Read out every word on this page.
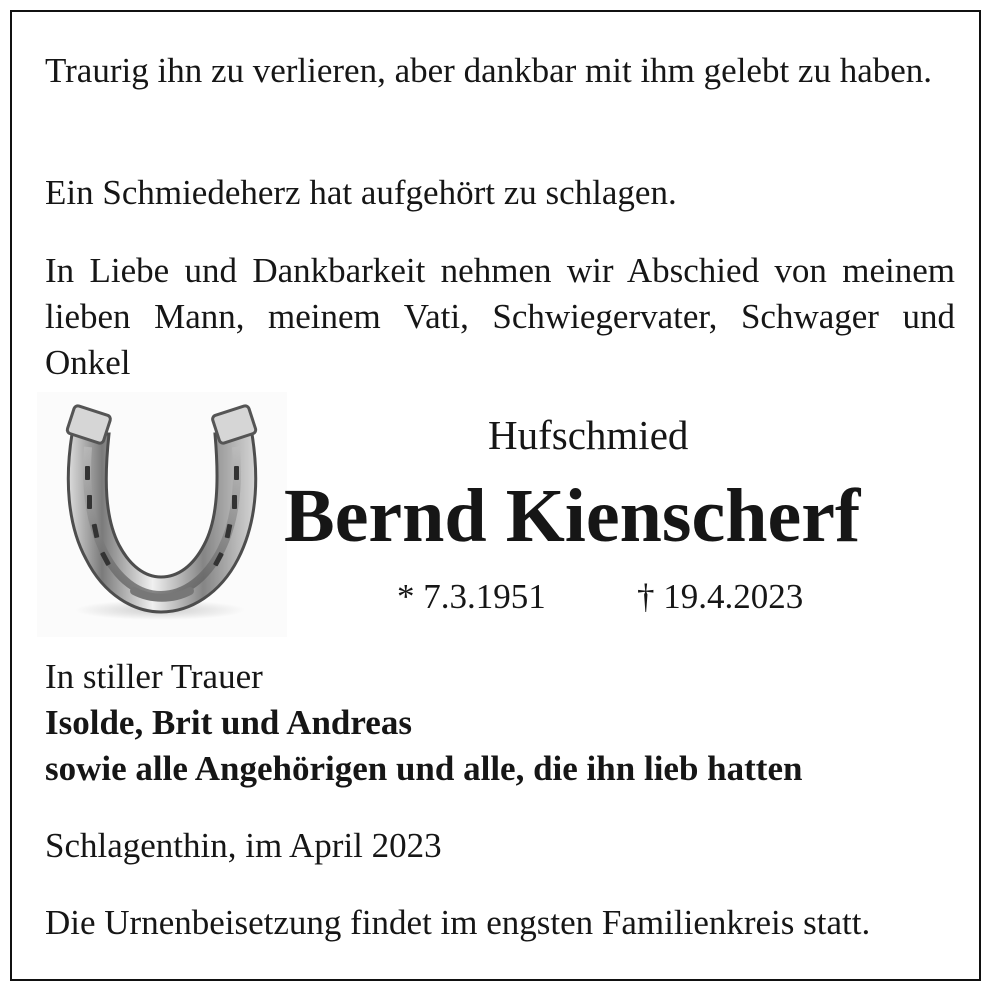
Traurig ihn zu verlieren, aber dankbar mit ihm gelebt zu haben.
Ein Schmiedeherz hat aufgehört zu schlagen.
In Liebe und Dankbarkeit nehmen wir Abschied von meinem lieben Mann, meinem Vati, Schwiegervater, Schwager und Onkel
Hufschmied
Bernd Kienscherf
* 7.3.1951	† 19.4.2023
In stiller Trauer
Isolde, Brit und Andreas
sowie alle Angehörigen und alle, die ihn lieb hatten
Schlagenthin, im April 2023
Die Urnenbeisetzung findet im engsten Familienkreis statt.
